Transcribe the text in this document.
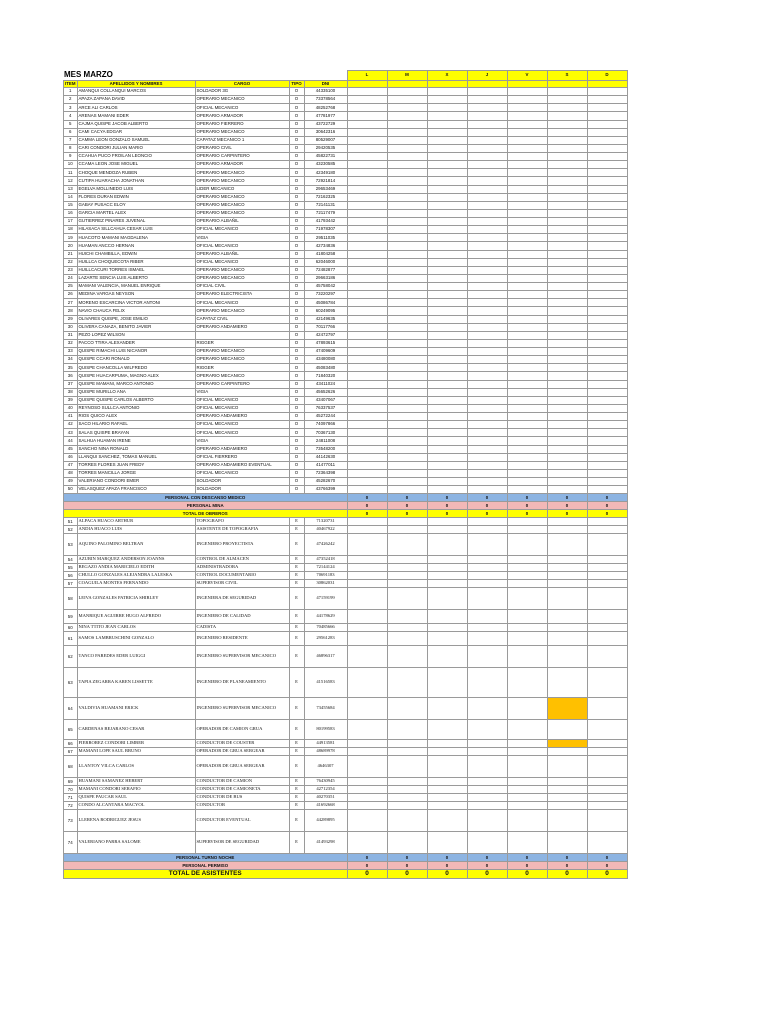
					L	M	X	J	V	S	D
ITEM	APELLIDOS Y NOMBRES	CARGO	TIPO	DNI							
1	AMANQUI COLLANQUI MARCOS	SOLDADOR 3G	O	44335100							
2	APAZA ZAPANA DAVID	OPERARIO MECANICO	O	73378564							
3	ARCE ALI CARLOS	OFICIAL MECANICO	O	48252768							
4	ARENAS MAMANI EDER	OPERARIO ARMADOR	O	47781977							
5	CAJMA QUISPE JACOB ALBERTO	OPERARIO FIERRERO	O	43722729							
6	CAMI CACYA EDGAR	OPERARIO MECANICO	O	30642316							
7	CAMMA LEON GONZALO SAMUEL	CAPATAZ MECANICO 1	O	80529007							
8	CARI CONDORI JULIAN MARIO	OPERARIO CIVIL	O	29420535							
9	CCAHUA PUCO FROILAN LEONCIO	OPERARIO CARPINTERO	O	45822731							
10	CCAMA LEON JOSE MIGUEL	OPERARIO ARMADOR	O	43230585							
11	CHOQUE MENDOZA RUBEN	OPERARIO MECANICO	O	42349180							
12	CUTIPA HUARACHA JONATHAN	OPERARIO MECANICO	O	72921814							
13	EGELVA MOLLINEDO LUIS	LIDER MECANICO	O	29653469							
14	FLORES DURAN EDWIN	OPERARIO MECANICO	O	72162325							
15	GABAY PUSACC ELOY	OPERARIO MECANICO	O	72141131							
16	GARCIA MARTEL ALEX	OPERARIO MECANICO	O	72117479							
17	GUTIERREZ PINARES JUVENAL	OPERARIO ALBAÑIL	O	41793442							
18	HILASACA SILLCAHUA CESAR LUIS	OFICIAL MECANICO	O	71978307							
19	HUACOTO MAMANI MAGDALENA	VIGIA	O	29511035							
20	HUAMAN ANCCO HERNAN	OFICIAL MECANICO	O	42734836							
21	HUICHI CHAMBILLA, EDWIN	OPERARIO ALBAÑIL	O	41804258							
22	HUILLCA CHOQUECOTA RIBER	OFICIAL MECANICO	O	62046000							
23	HUILLCACURI TORRES ISMAEL	OPERARIO MECANICO	O	72482877							
24	LAZARTE SENCIA LUIS ALBERTO	OPERARIO MECANICO	O	29663186							
25	MAMANI VALENCIA, MANUEL ENRIQUE	OFICIAL CIVIL	O	45758042							
26	MEDINA VARGAS NEYSON	OPERARIO ELECTRICISTA	O	73220297							
27	MORENO ESCARCINA VICTOR ANTONI	OFICIAL MECANICO	O	45086784							
28	NAVIO CHAUCA FELIX	OPERARIO MECANICO	O	60249095							
29	OLIVARES QUISPE, JOSE EMILIO	CAPATAZ CIVIL	O	42149635							
30	OLIVERA CANAZA, BENITO JAVIER	OPERARIO ANDAMIERO	O	70117766							
31	PEZO LOPEZ WILSON		O	42472797							
32	PACCO TTIRA ALEXANDER	RIGGER	O	47893615							
33	QUISPE RIMACHI LUIS NICANOR	OPERARIO MECANICO	O	47409609							
34	QUISPE CCARI RONALD	OPERARIO MECANICO	O	43480080							
35	QUISPE CHANCOLLA WILFREDO	RIGGER	O	45083480							
36	QUISPE HUACARPUMA, MAGNO ALEX	OPERARIO MECANICO	O	71840320							
37	QUISPE MAMANI, MARCO ANTONIO	OPERARIO CARPINTERO	O	43411024							
38	QUISPE MURILLO ANA	VIGIA	O	45652626							
39	QUISPE QUISPE CARLOS ALBERTO	OFICIAL MECANICO	O	43407067							
40	REYNOSO SULLCA ANTONIO	OFICIAL MECANICO	O	76337537							
41	RIOS QUICO ALEX	OPERARIO ANDAMIERO	O	45272244							
42	SACO HILARIO RAFAEL	OFICIAL MECANICO	O	74097866							
43	SALAS QUISPE BRAYAN	OFICIAL MECANICO	O	70367130							
44	SALHUA HUAMAN IRENE	VIGIA	O	24811008							
45	SANCHO NINA RONALD	OPERARIO ANDAMIERO	O	73548200							
46	LLANQUI SANCHEZ, TOMAS MANUEL	OFICIAL FIERRERO	O	44142630							
47	TORRES FLORES JUAN FREDY	OPERARIO ANDAMIERO EVENTUAL	O	41477011							
48	TORRES MANCILLA JORGE	OFICIAL MECANICO	O	72364398							
49	VALERIANO CONDORI EMER	SOLDADOR	O	45282670							
50	VELASQUEZ APAZA FRANCISCO	SOLDADOR	O	43766399							
PERSONAL CON DESCANSO MEDICO					0	0	0	0	0	0	0
PERSONAL MINA					0	0	0	0	0	0	0
TOTAL DE OBREROS					0	0	0	0	0	0	0
51	ALPACA HUACO ARTHUR	TOPOGRAFO	E	71320731							
52	ANDIA HUACO LUIS	ASISTENTE DE TOPOGRAFIA	E	40467922							
53	AQUINO PALOMINO BELTRAN	INGENIERO PROYECTISTA	E	47426242							
54	AZURIN MARQUEZ ANDERSON JOANNS	CONTROL DE ALMACEN	E	47352418							
55	BEGAZO ANDIA MARICIELO EDITH	ADMINISTRADORA	E	72144124							
56	CHULLO GONZALES ALEJANDRA LALESKA	CONTROL DOCUMENTARIO	E	70691183							
57	COAGUILA MONTES FERNANDO	SUPERVISOR CIVIL	E	30862031							
58	LEIVA GONZALES PATRICIA SHIRLEY	INGENIERA DE SEGURIDAD	E	47159199							
59	MANRIQUE AGUIRRE HUGO ALFREDO	INGENIERO DE CALIDAD	E	44178629							
60	NINA TTITO JEAN CARLOS	CADISTA	E	70485666							
61	SAMOS LAMBRUSCHINI GONZALO	INGENIERO RESIDENTE	E	29561283							
62	TANCO PAREDES EDER LUIGGI	INGENIERO SUPERVISOR MECANICO	E	46896317							
63	TAPIA ZEGARRA KAREN LISSETTE	INGENIERO DE PLANEAMIENTO	E	41516583							
64	VALDIVIA HUAMANI ERICK	INGENIERO SUPERVISOR MECANICO	E	73455684							
65	CARDENAS BEJARANO CESAR	OPERADOR DE CAMION GRUA	E	80199583							
66	FIERROREZ CONDORI LIMBER	CONDUCTOR DE COUSTER	E	44913581							
67	MAMANI LOPE SAUL BRUNO	OPERADOR DE GRUA SERGEAR	E	48689978							
68	LLANTOY VILCA CARLOS	OPERADOR DE GRUA SERGEAR	E	4646307							
69	HUAMANI SAMANEZ HEBERT	CONDUCTOR DE CAMION	E	76430945							
70	MAMANI CONDORI SERAFIO	CONDUCTOR DE CAMIONETA	E	42712354							
71	QUISPE PAUCAR SAUL	CONDUCTOR DE BUS	E	40270351							
72	CONDO ALCANTARA MACYOL	CONDUCTOR	E	41692668							
73	LLERENA RODRIGUEZ JESUS	CONDUCTOR EVENTUAL	E	44289895							
74	VALERIANO PARRA SALOME	SUPERVISOR DE SEGURIDAD	E	41493298							
PERSONAL TURNO NOCHE					0	0	0	0	0	0	0
PERSONAL PERMISO					0	0	0	0	0	0	0
TOTAL DE ASISTENTES					0	0	0	0	0	0	0
MES MARZO
